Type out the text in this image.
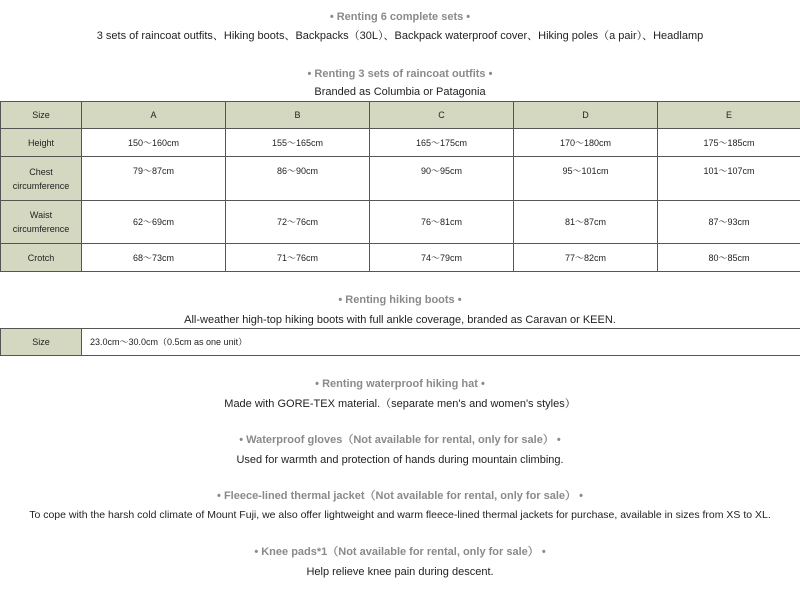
• Renting 6 complete sets •
3 sets of raincoat outfits、Hiking boots、Backpacks（30L）、Backpack waterproof cover、Hiking poles（a pair）、Headlamp
• Renting 3 sets of raincoat outfits •
Branded as Columbia or Patagonia
Size	A	B	C	D	E
Height	150～160cm	155～165cm	165～175cm	170～180cm	175～185cm
Chest circumference	79～87cm	86～90cm	90～95cm	95～101cm	101～107cm
Waist circumference	62～69cm	72～76cm	76～81cm	81～87cm	87～93cm
Crotch	68～73cm	71～76cm	74～79cm	77～82cm	80～85cm
• Renting hiking boots •
All-weather high-top hiking boots with full ankle coverage, branded as Caravan or KEEN.
Size	23.0cm～30.0cm（0.5cm as one unit）
• Renting waterproof hiking hat •
Made with GORE-TEX material.（separate men's and women's styles）
• Waterproof gloves（Not available for rental, only for sale） •
Used for warmth and protection of hands during mountain climbing.
• Fleece-lined thermal jacket（Not available for rental, only for sale） •
To cope with the harsh cold climate of Mount Fuji, we also offer lightweight and warm fleece-lined thermal jackets for purchase, available in sizes from XS to XL.
• Knee pads*1（Not available for rental, only for sale） •
Help relieve knee pain during descent.
